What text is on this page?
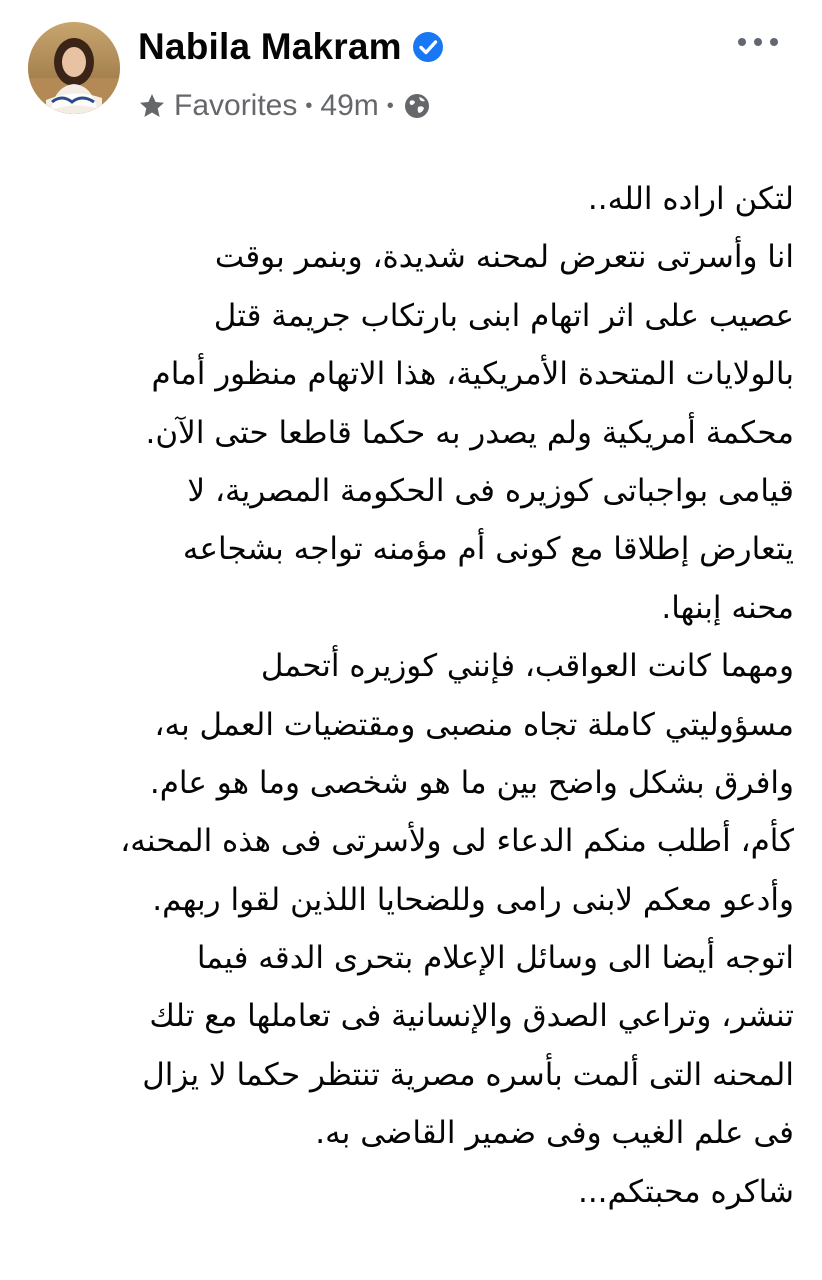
Nabila Makram
Favorites • 49m •
لتكن اراده الله..
انا وأسرتى نتعرض لمحنه شديدة، وبنمر بوقت
عصيب على اثر اتهام ابنى بارتكاب جريمة قتل
بالولايات المتحدة الأمريكية، هذا الاتهام منظور أمام
محكمة أمريكية ولم يصدر به حكما قاطعا حتى الآن.
قيامى بواجباتى كوزيره فى الحكومة المصرية، لا
يتعارض إطلاقا مع كونى أم مؤمنه تواجه بشجاعه
محنه إبنها.
ومهما كانت العواقب، فإنني كوزيره أتحمل
مسؤوليتي كاملة تجاه منصبى ومقتضيات العمل به،
وافرق بشكل واضح بين ما هو شخصى وما هو عام.
كأم، أطلب منكم الدعاء لى ولأسرتى فى هذه المحنه،
وأدعو معكم لابنى رامى وللضحايا اللذين لقوا ربهم.
اتوجه أيضا الى وسائل الإعلام بتحرى الدقه فيما
تنشر، وتراعي الصدق والإنسانية فى تعاملها مع تلك
المحنه التى ألمت بأسره مصرية تنتظر حكما لا يزال
فى علم الغيب وفى ضمير القاضى به.
شاكره محبتكم...
